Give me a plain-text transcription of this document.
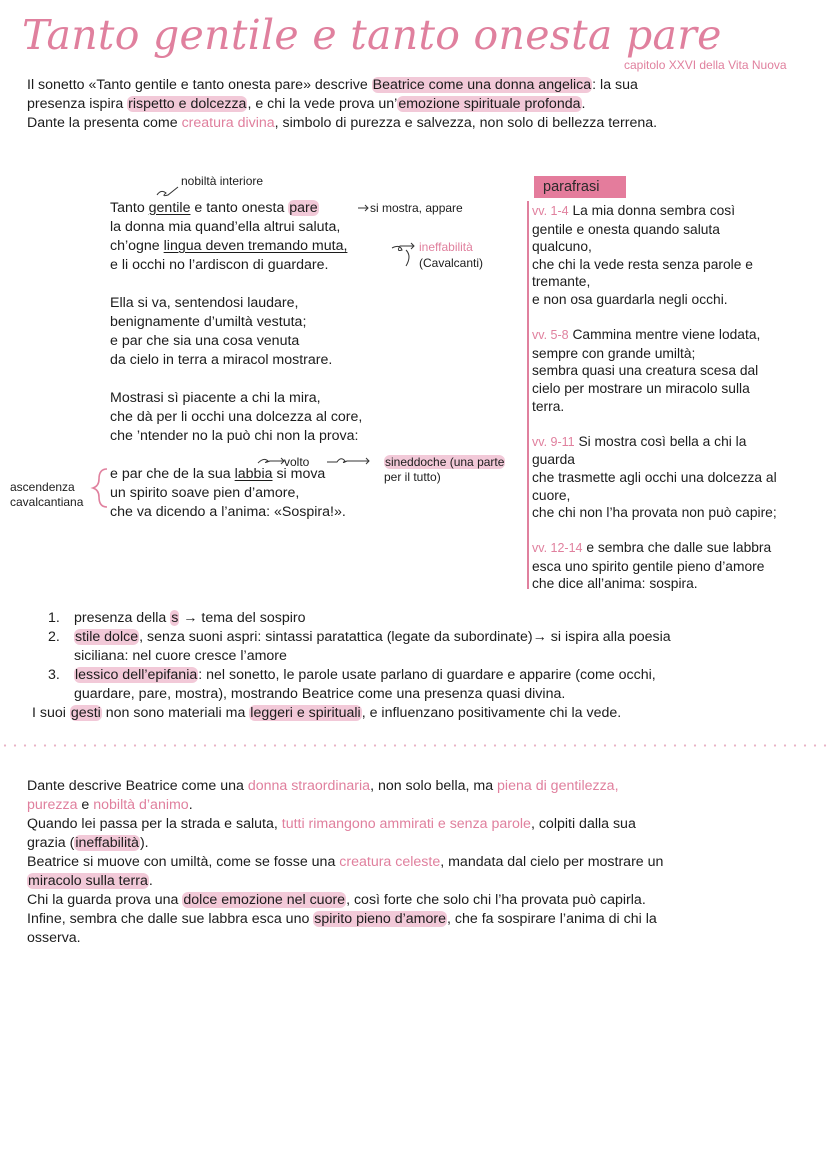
Tanto gentile e tanto onesta pare
capitolo XXVI della Vita Nuova
Il sonetto «Tanto gentile e tanto onesta pare» descrive Beatrice come una donna angelica: la sua
presenza ispira rispetto e dolcezza, e chi la vede prova un’emozione spirituale profonda.
Dante la presenta come creatura divina, simbolo di purezza e salvezza, non solo di bellezza terrena.
Tanto gentile e tanto onesta pare
la donna mia quand’ella altrui saluta,
ch’ogne lingua deven tremando muta,
e li occhi no l’ardiscon di guardare.
Ella si va, sentendosi laudare,
benignamente d’umiltà vestuta;
e par che sia una cosa venuta
da cielo in terra a miracol mostrare.
Mostrasi sì piacente a chi la mira,
che dà per li occhi una dolcezza al core,
che ’ntender no la può chi non la prova:
e par che de la sua labbia si mova
un spirito soave pien d’amore,
che va dicendo a l’anima: «Sospira!».
nobiltà interiore
si mostra, appare
ineffabilità
(Cavalcanti)
volto	sineddoche (una parte
per il tutto)
ascendenza
cavalcantiana
parafrasi
vv. 1-4 La mia donna sembra così
gentile e onesta quando saluta
qualcuno,
che chi la vede resta senza parole e
tremante,
e non osa guardarla negli occhi.
vv. 5-8 Cammina mentre viene lodata,
sempre con grande umiltà;
sembra quasi una creatura scesa dal
cielo per mostrare un miracolo sulla
terra.
vv. 9-11 Si mostra così bella a chi la
guarda
che trasmette agli occhi una dolcezza al
cuore,
che chi non l’ha provata non può capire;
vv. 12-14 e sembra che dalle sue labbra
esca uno spirito gentile pieno d’amore
che dice all’anima: sospira.
1. presenza della s → tema del sospiro
2. stile dolce, senza suoni aspri: sintassi paratattica (legate da subordinate)→ si ispira alla poesia
siciliana: nel cuore cresce l’amore
3. lessico dell’epifania: nel sonetto, le parole usate parlano di guardare e apparire (come occhi,
guardare, pare, mostra), mostrando Beatrice come una presenza quasi divina.
I suoi gesti non sono materiali ma leggeri e spirituali, e influenzano positivamente chi la vede.
Dante descrive Beatrice come una donna straordinaria, non solo bella, ma piena di gentilezza,
purezza e nobiltà d’animo.
Quando lei passa per la strada e saluta, tutti rimangono ammirati e senza parole, colpiti dalla sua
grazia (ineffabilità).
Beatrice si muove con umiltà, come se fosse una creatura celeste, mandata dal cielo per mostrare un
miracolo sulla terra.
Chi la guarda prova una dolce emozione nel cuore, così forte che solo chi l’ha provata può capirla.
Infine, sembra che dalle sue labbra esca uno spirito pieno d’amore, che fa sospirare l’anima di chi la
osserva.
